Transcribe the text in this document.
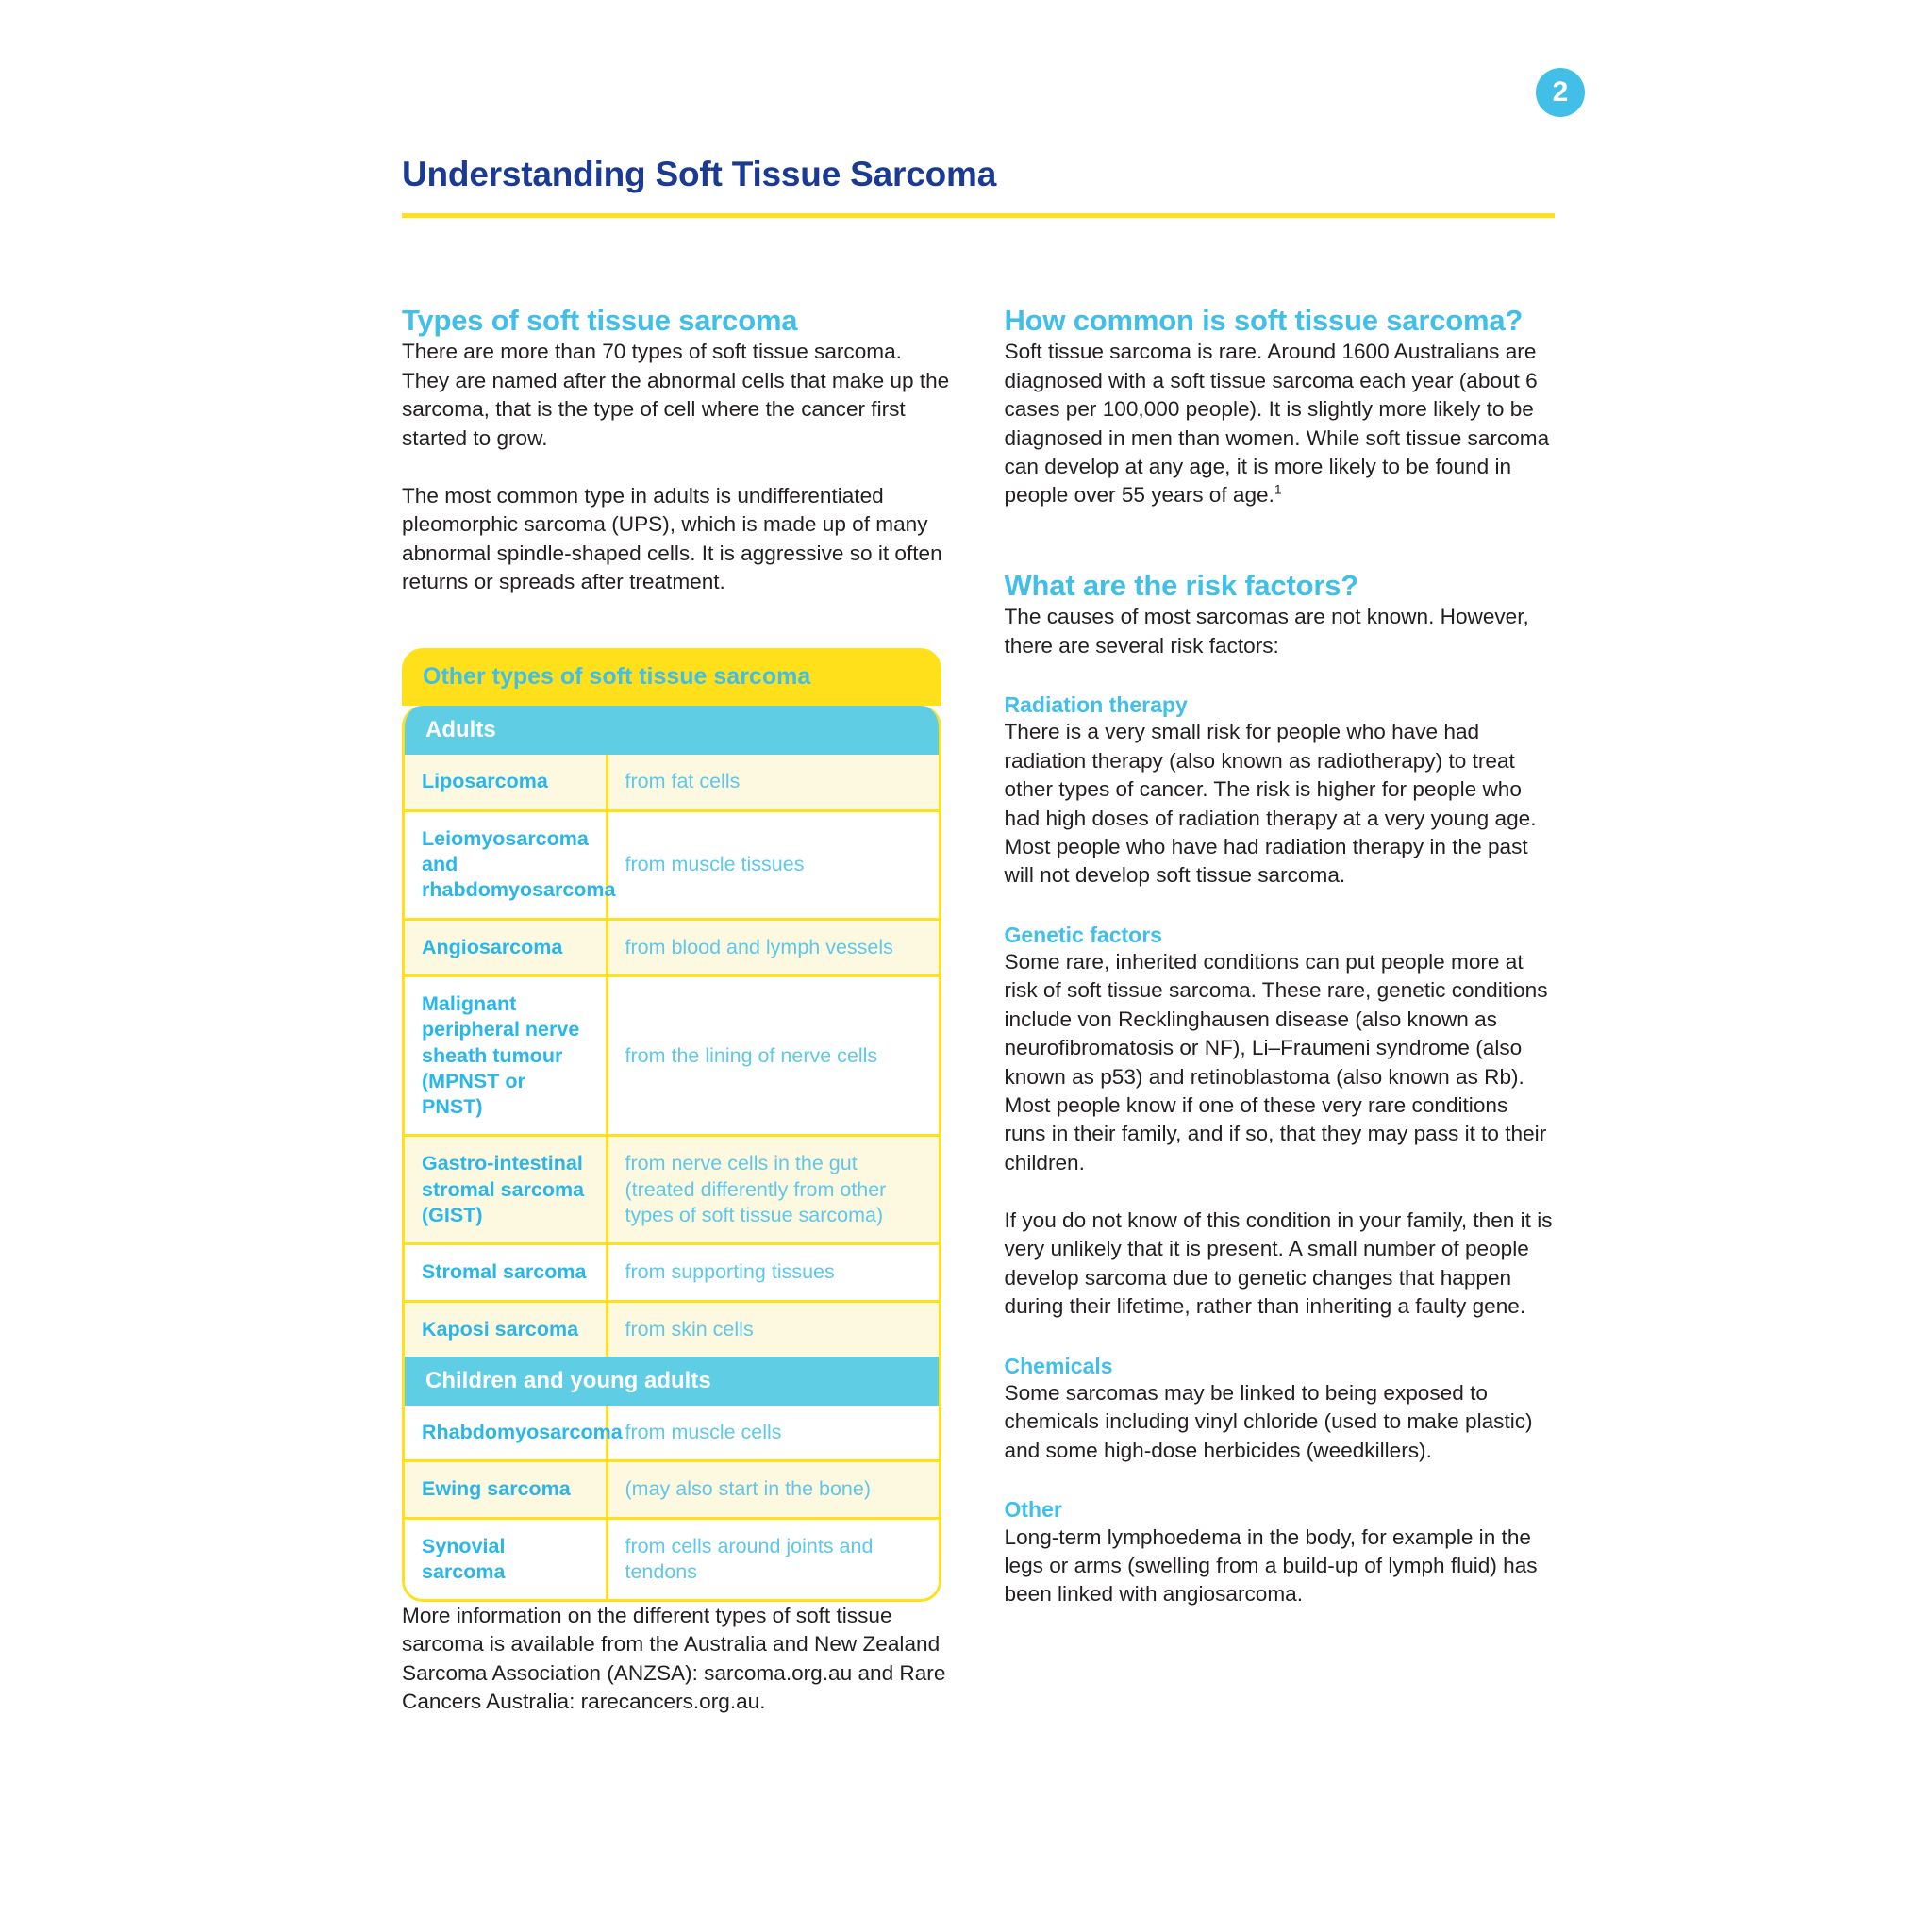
2
Understanding Soft Tissue Sarcoma
Types of soft tissue sarcoma

There are more than 70 types of soft tissue sarcoma. They are named after the abnormal cells that make up the sarcoma, that is the type of cell where the cancer first started to grow.

The most common type in adults is undifferentiated pleomorphic sarcoma (UPS), which is made up of many abnormal spindle-shaped cells. It is aggressive so it often returns or spreads after treatment.

Other types of soft tissue sarcoma
Adults
Liposarcoma	from fat cells
Leiomyosarcoma and rhabdomyosarcoma	from muscle tissues
Angiosarcoma	from blood and lymph vessels
Malignant peripheral nerve sheath tumour (MPNST or PNST)	from the lining of nerve cells
Gastro-intestinal stromal sarcoma (GIST)	from nerve cells in the gut (treated differently from other types of soft tissue sarcoma)
Stromal sarcoma	from supporting tissues
Kaposi sarcoma	from skin cells
Children and young adults
Rhabdomyosarcoma	from muscle cells
Ewing sarcoma	(may also start in the bone)
Synovial sarcoma	from cells around joints and tendons

More information on the different types of soft tissue sarcoma is available from the Australia and New Zealand Sarcoma Association (ANZSA): sarcoma.org.au and Rare Cancers Australia: rarecancers.org.au.

How common is soft tissue sarcoma?

Soft tissue sarcoma is rare. Around 1600 Australians are diagnosed with a soft tissue sarcoma each year (about 6 cases per 100,000 people). It is slightly more likely to be diagnosed in men than women. While soft tissue sarcoma can develop at any age, it is more likely to be found in people over 55 years of age.$^1$

What are the risk factors?

The causes of most sarcomas are not known. However, there are several risk factors:

Radiation therapy

There is a very small risk for people who have had radiation therapy (also known as radiotherapy) to treat other types of cancer. The risk is higher for people who had high doses of radiation therapy at a very young age. Most people who have had radiation therapy in the past will not develop soft tissue sarcoma.

Genetic factors

Some rare, inherited conditions can put people more at risk of soft tissue sarcoma. These rare, genetic conditions include von Recklinghausen disease (also known as neurofibromatosis or NF), Li–Fraumeni syndrome (also known as p53) and retinoblastoma (also known as Rb). Most people know if one of these very rare conditions runs in their family, and if so, that they may pass it to their children.

If you do not know of this condition in your family, then it is very unlikely that it is present. A small number of people develop sarcoma due to genetic changes that happen during their lifetime, rather than inheriting a faulty gene.

Chemicals

Some sarcomas may be linked to being exposed to chemicals including vinyl chloride (used to make plastic) and some high-dose herbicides (weedkillers).

Other

Long-term lymphoedema in the body, for example in the legs or arms (swelling from a build-up of lymph fluid) has been linked with angiosarcoma.
